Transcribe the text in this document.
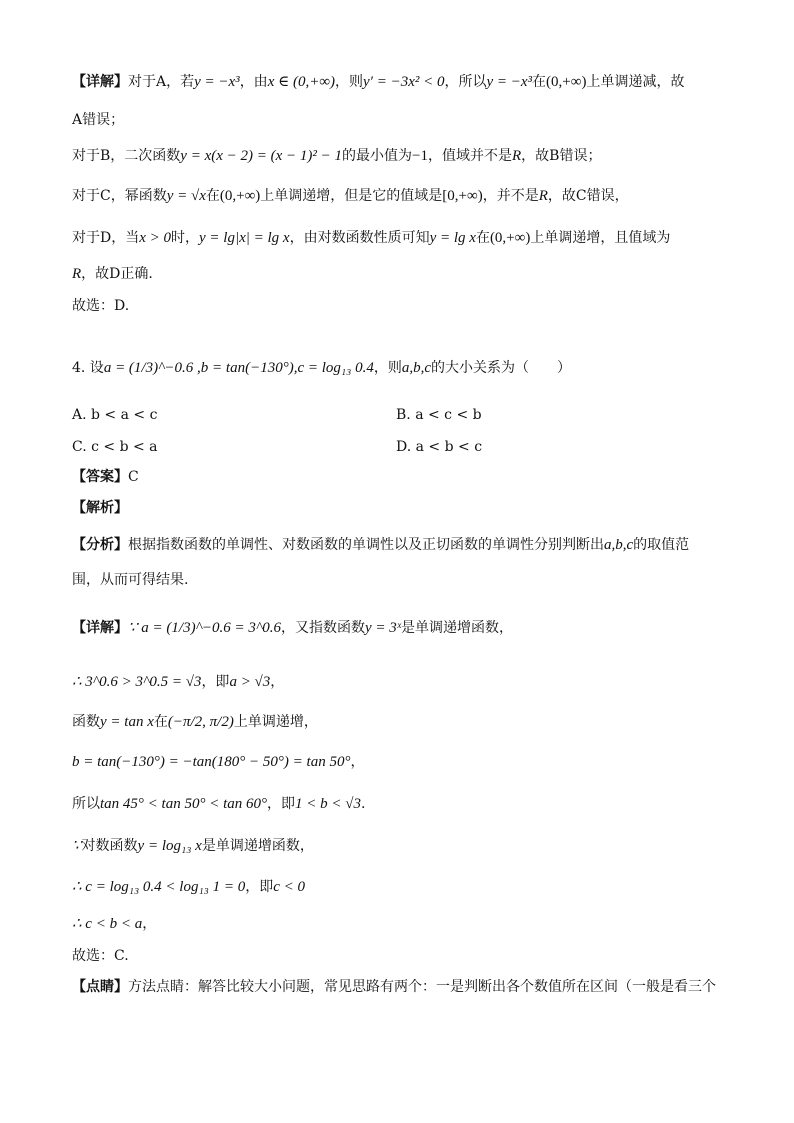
【详解】对于A，若y = −x³，由x ∈ (0,+∞)，则y′ = −3x² < 0，所以y = −x³在(0,+∞)上单调递减，故
A错误；
对于B，二次函数y = x(x − 2) = (x − 1)² − 1的最小值为−1，值域并不是R，故B错误；
对于C，幂函数y = √x在(0,+∞)上单调递增，但是它的值域是[0,+∞)，并不是R，故C错误，
对于D，当x > 0时，y = lg|x| = lg x，由对数函数性质可知y = lg x在(0,+∞)上单调递增，且值域为
R，故D正确.
故选：D.
4. 设a = (1/3)^−0.6 ,b = tan(−130°),c = log₁₃ 0.4，则a,b,c的大小关系为（　　）
A. b < a < c	B. a < c < b
C. c < b < a	D. a < b < c
【答案】C
【解析】
【分析】根据指数函数的单调性、对数函数的单调性以及正切函数的单调性分别判断出a,b,c的取值范
围，从而可得结果.
【详解】∵ a = (1/3)^−0.6 = 3^0.6，又指数函数y = 3ˣ是单调递增函数，
∴ 3^0.6 > 3^0.5 = √3，即a > √3，
函数y = tan x在(−π/2, π/2)上单调递增，
b = tan(−130°) = −tan(180° − 50°) = tan 50°，
所以tan 45° < tan 50° < tan 60°，即1 < b < √3.
∵对数函数y = log₁₃ x是单调递增函数，
∴ c = log₁₃ 0.4 < log₁₃ 1 = 0，即c < 0
∴ c < b < a，
故选：C.
【点睛】方法点睛：解答比较大小问题，常见思路有两个：一是判断出各个数值所在区间（一般是看三个
